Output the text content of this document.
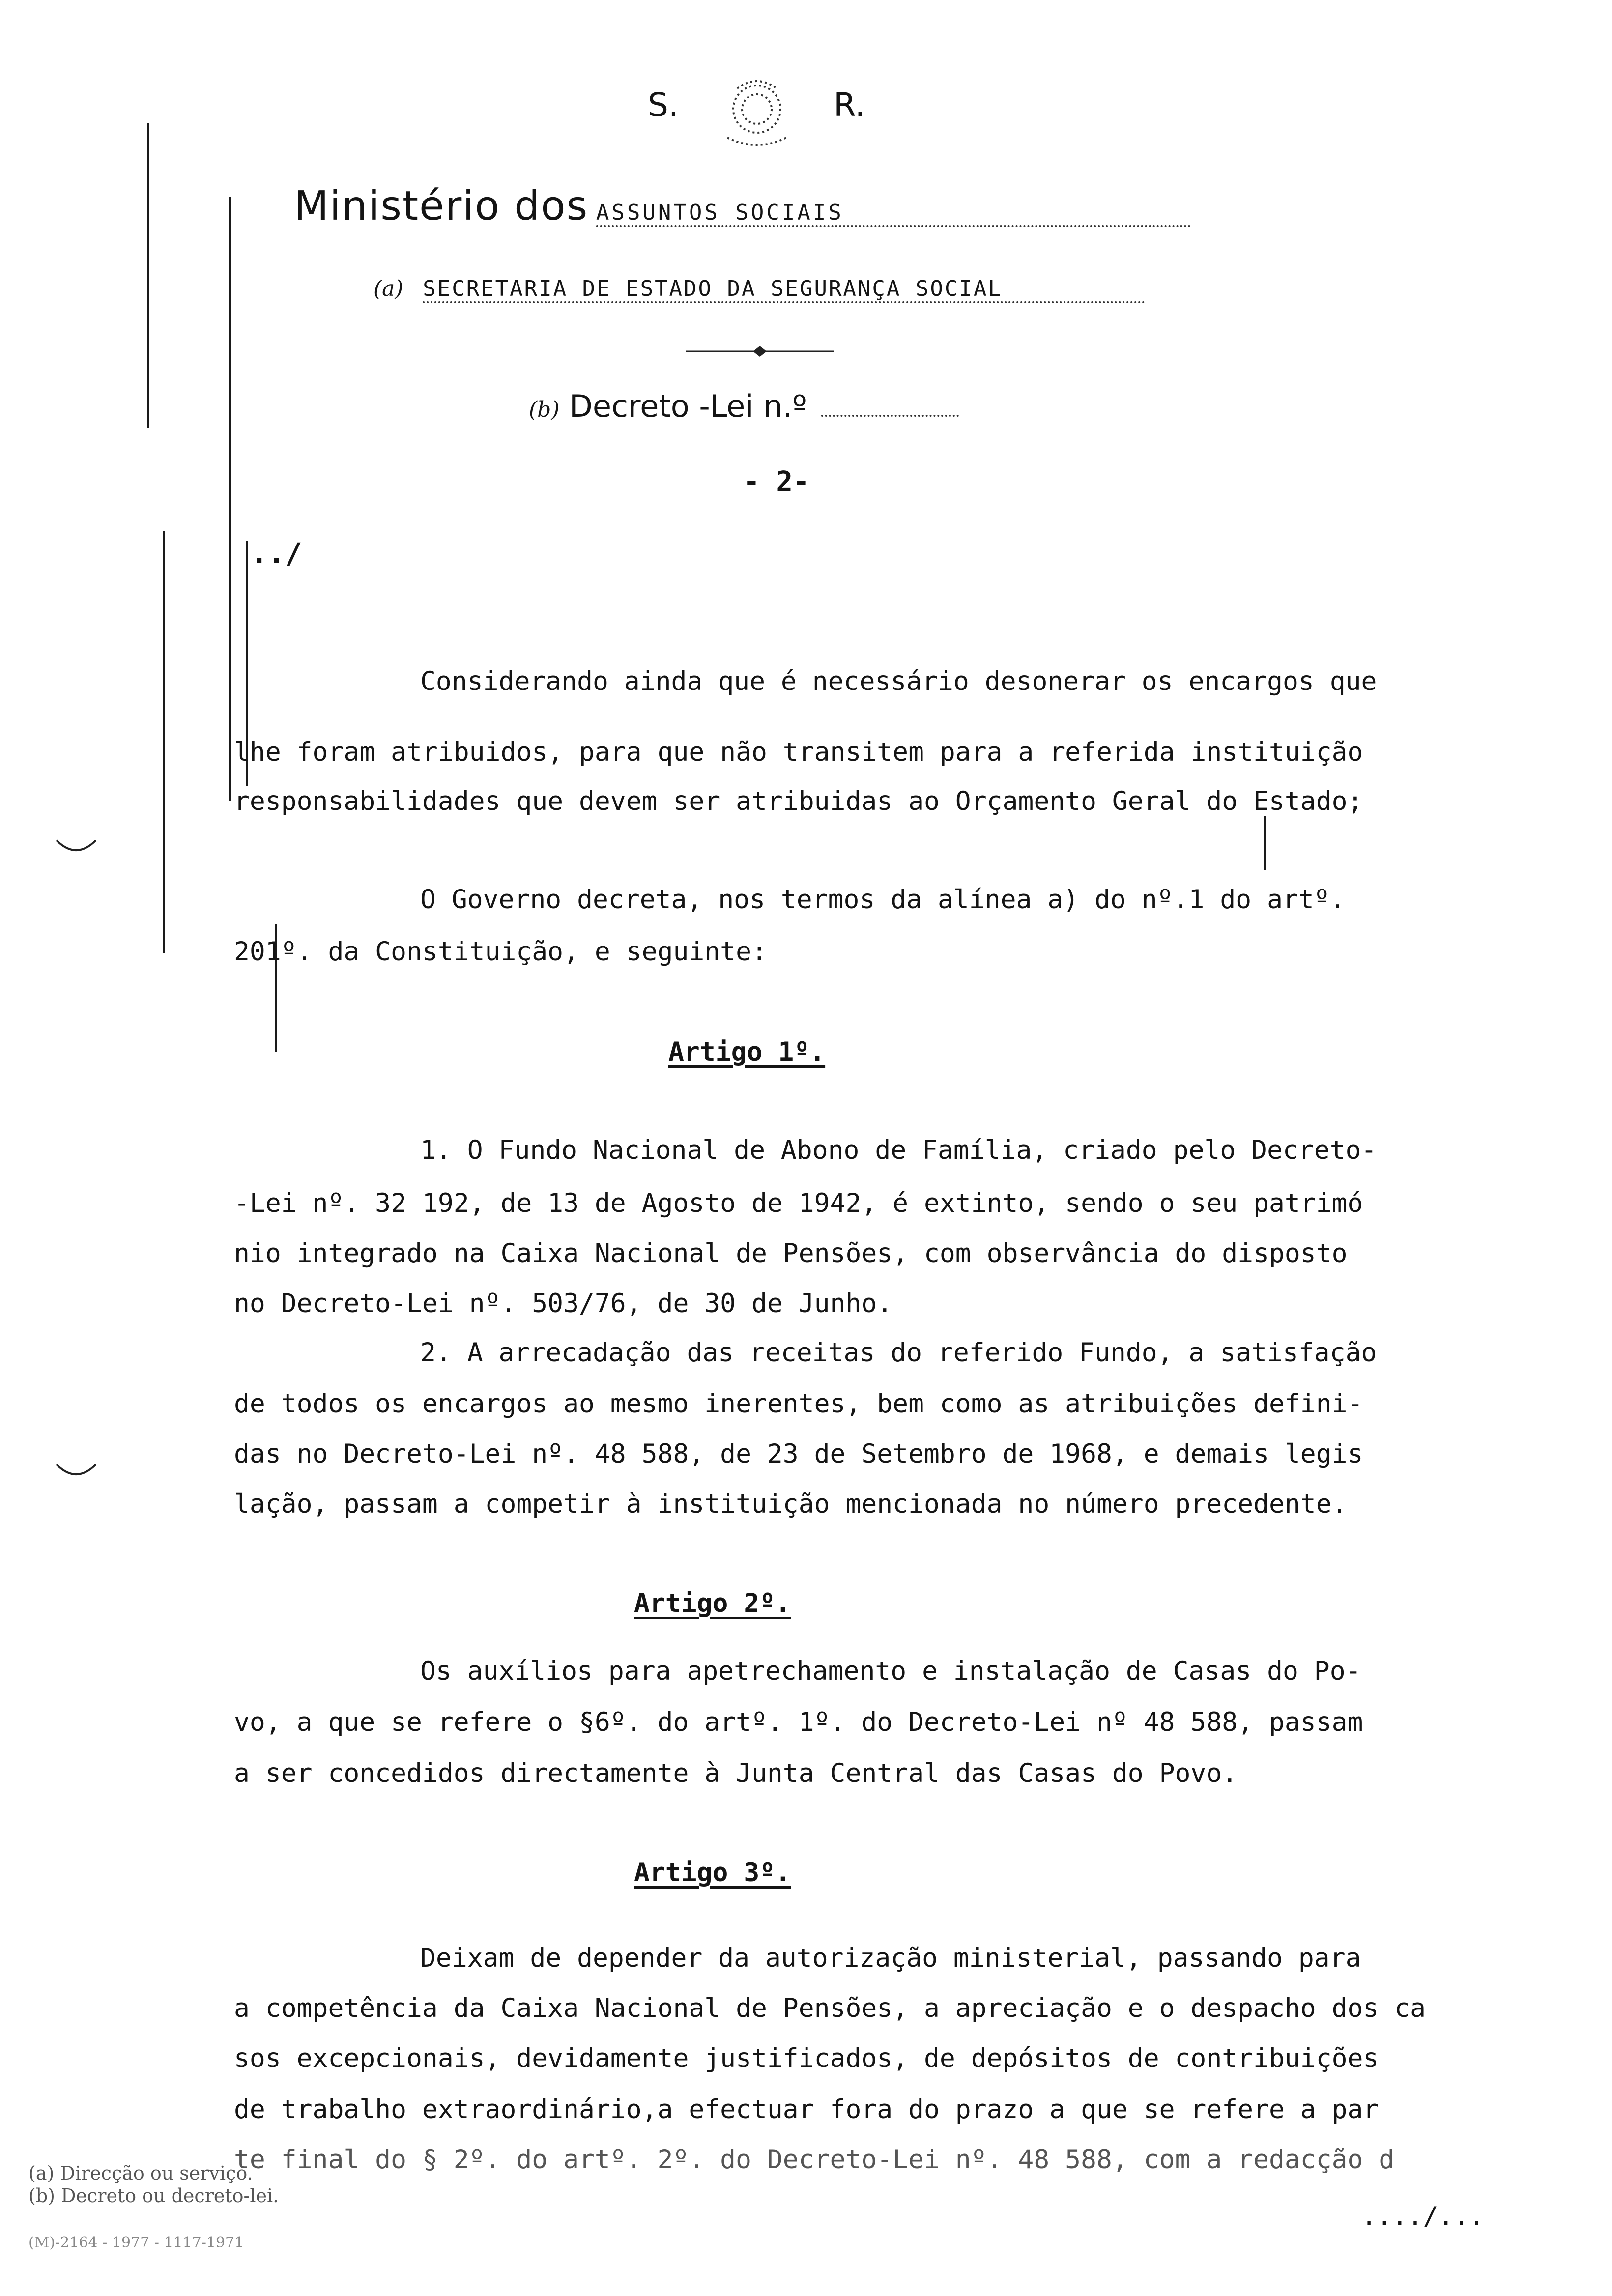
S.	R.
Ministério dos ASSUNTOS SOCIAIS
(a) SECRETARIA DE ESTADO DA SEGURANÇA SOCIAL
(b) Decreto -Lei n.º
- 2-
../
Considerando ainda que é necessário desonerar os encargos que
lhe foram atribuidos, para que não transitem para a referida instituição
responsabilidades que devem ser atribuidas ao Orçamento Geral do Estado;
O Governo decreta, nos termos da alínea a) do nº.1 do artº.
201º. da Constituição, e seguinte:
Artigo 1º.
1. O Fundo Nacional de Abono de Família, criado pelo Decreto-
-Lei nº. 32 192, de 13 de Agosto de 1942, é extinto, sendo o seu patrimó
nio integrado na Caixa Nacional de Pensões, com observância do disposto
no Decreto-Lei nº. 503/76, de 30 de Junho.
2. A arrecadação das receitas do referido Fundo, a satisfação
de todos os encargos ao mesmo inerentes, bem como as atribuições defini-
das no Decreto-Lei nº. 48 588, de 23 de Setembro de 1968, e demais legis
lação, passam a competir à instituição mencionada no número precedente.
Artigo 2º.
Os auxílios para apetrechamento e instalação de Casas do Po-
vo, a que se refere o §6º. do artº. 1º. do Decreto-Lei nº 48 588, passam
a ser concedidos directamente à Junta Central das Casas do Povo.
Artigo 3º.
Deixam de depender da autorização ministerial, passando para
a competência da Caixa Nacional de Pensões, a apreciação e o despacho dos ca
sos excepcionais, devidamente justificados, de depósitos de contribuições
de trabalho extraordinário,a efectuar fora do prazo a que se refere a par
te final do § 2º. do artº. 2º. do Decreto-Lei nº. 48 588, com a redacção d
(a) Direcção ou serviço.
(b) Decreto ou decreto-lei.
(M)-2164 - 1977 - 1117-1971
..../...
